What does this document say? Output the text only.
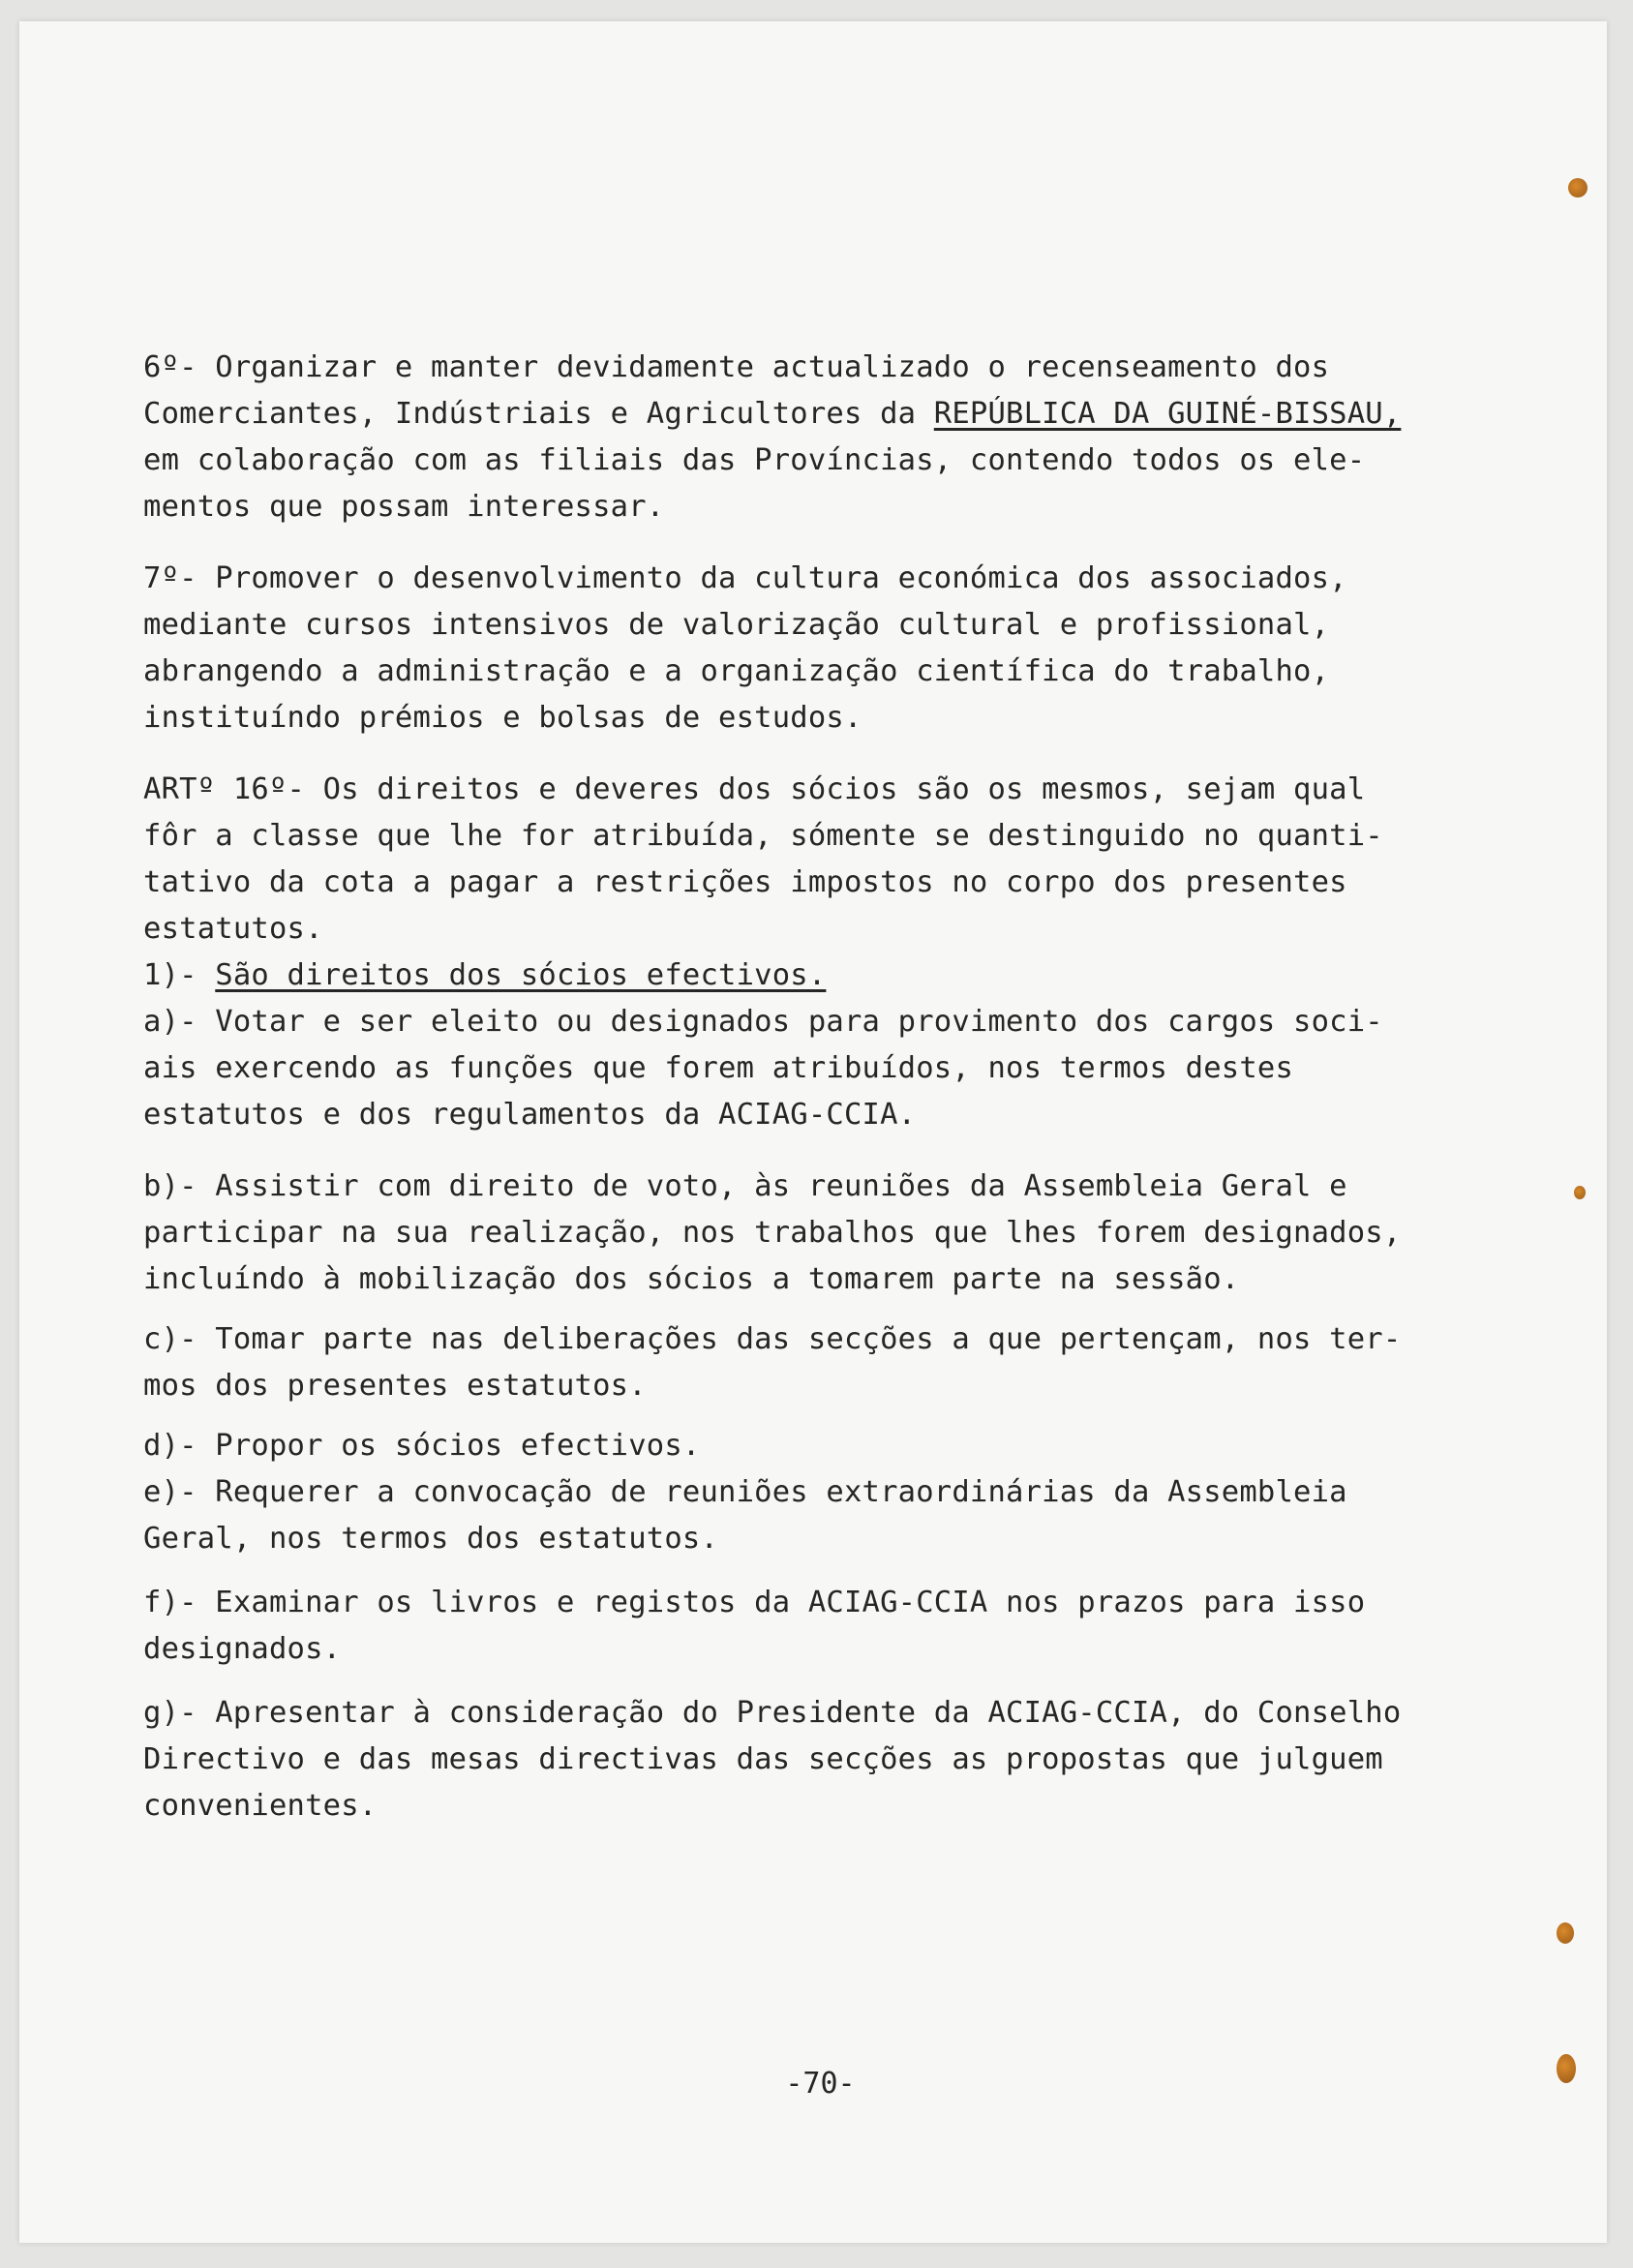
6º- Organizar e manter devidamente actualizado o recenseamento dos
Comerciantes, Indústriais e Agricultores da REPÚBLICA DA GUINÉ-BISSAU,
em colaboração com as filiais das Províncias, contendo todos os ele-
mentos que possam interessar.
7º- Promover o desenvolvimento da cultura económica dos associados,
mediante cursos intensivos de valorização cultural e profissional,
abrangendo a administração e a organização científica do trabalho,
instituíndo prémios e bolsas de estudos.
ARTº 16º- Os direitos e deveres dos sócios são os mesmos, sejam qual
fôr a classe que lhe for atribuída, sómente se destinguido no quanti-
tativo da cota a pagar a restrições impostos no corpo dos presentes
estatutos.
1)- São direitos dos sócios efectivos.
a)- Votar e ser eleito ou designados para provimento dos cargos soci-
ais exercendo as funções que forem atribuídos, nos termos destes
estatutos e dos regulamentos da ACIAG-CCIA.
b)- Assistir com direito de voto, às reuniões da Assembleia Geral e
participar na sua realização, nos trabalhos que lhes forem designados,
incluíndo à mobilização dos sócios a tomarem parte na sessão.
c)- Tomar parte nas deliberações das secções a que pertençam, nos ter-
mos dos presentes estatutos.
d)- Propor os sócios efectivos.
e)- Requerer a convocação de reuniões extraordinárias da Assembleia
Geral, nos termos dos estatutos.
f)- Examinar os livros e registos da ACIAG-CCIA nos prazos para isso
designados.
g)- Apresentar à consideração do Presidente da ACIAG-CCIA, do Conselho
Directivo e das mesas directivas das secções as propostas que julguem
convenientes.
-70-
